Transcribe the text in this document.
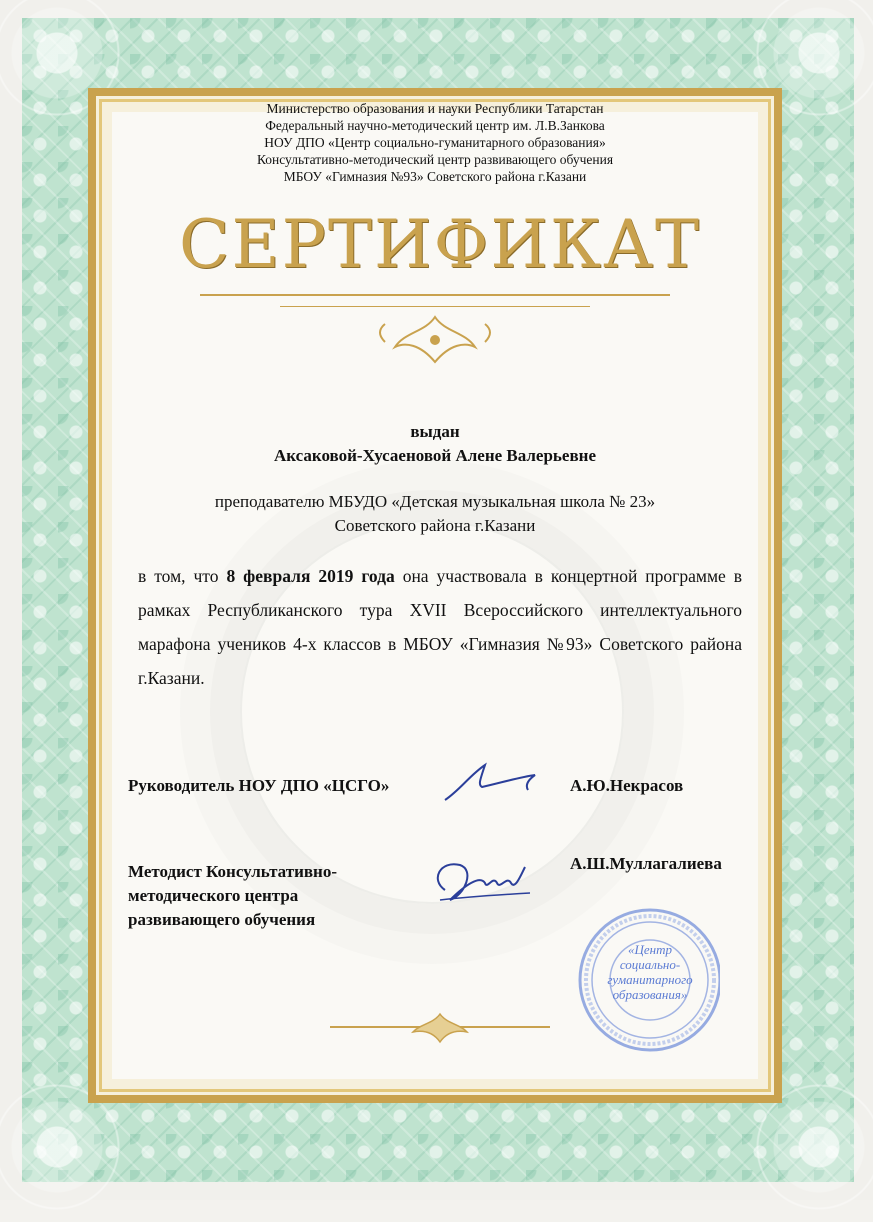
Министерство образования и науки Республики Татарстан
Федеральный научно-методический центр им. Л.В.Занкова
НОУ ДПО «Центр социально-гуманитарного образования»
Консультативно-методический центр развивающего обучения
МБОУ «Гимназия №93» Советского района г.Казани
СЕРТИФИКАТ
выдан
Аксаковой-Хусаеновой Алене Валерьевне
преподавателю МБУДО «Детская музыкальная школа № 23»
Советского района г.Казани
в том, что 8 февраля 2019 года она участвовала в концертной программе в рамках Республиканского тура XVII Всероссийского интеллектуального марафона учеников 4-х классов в МБОУ «Гимназия №93» Советского района г.Казани.
Руководитель НОУ ДПО «ЦСГО»	А.Ю.Некрасов
Методист Консультативно-
методического центра
развивающего обучения
А.Ш.Муллагалиева
«Центр
социально-
гуманитарного
образования»
